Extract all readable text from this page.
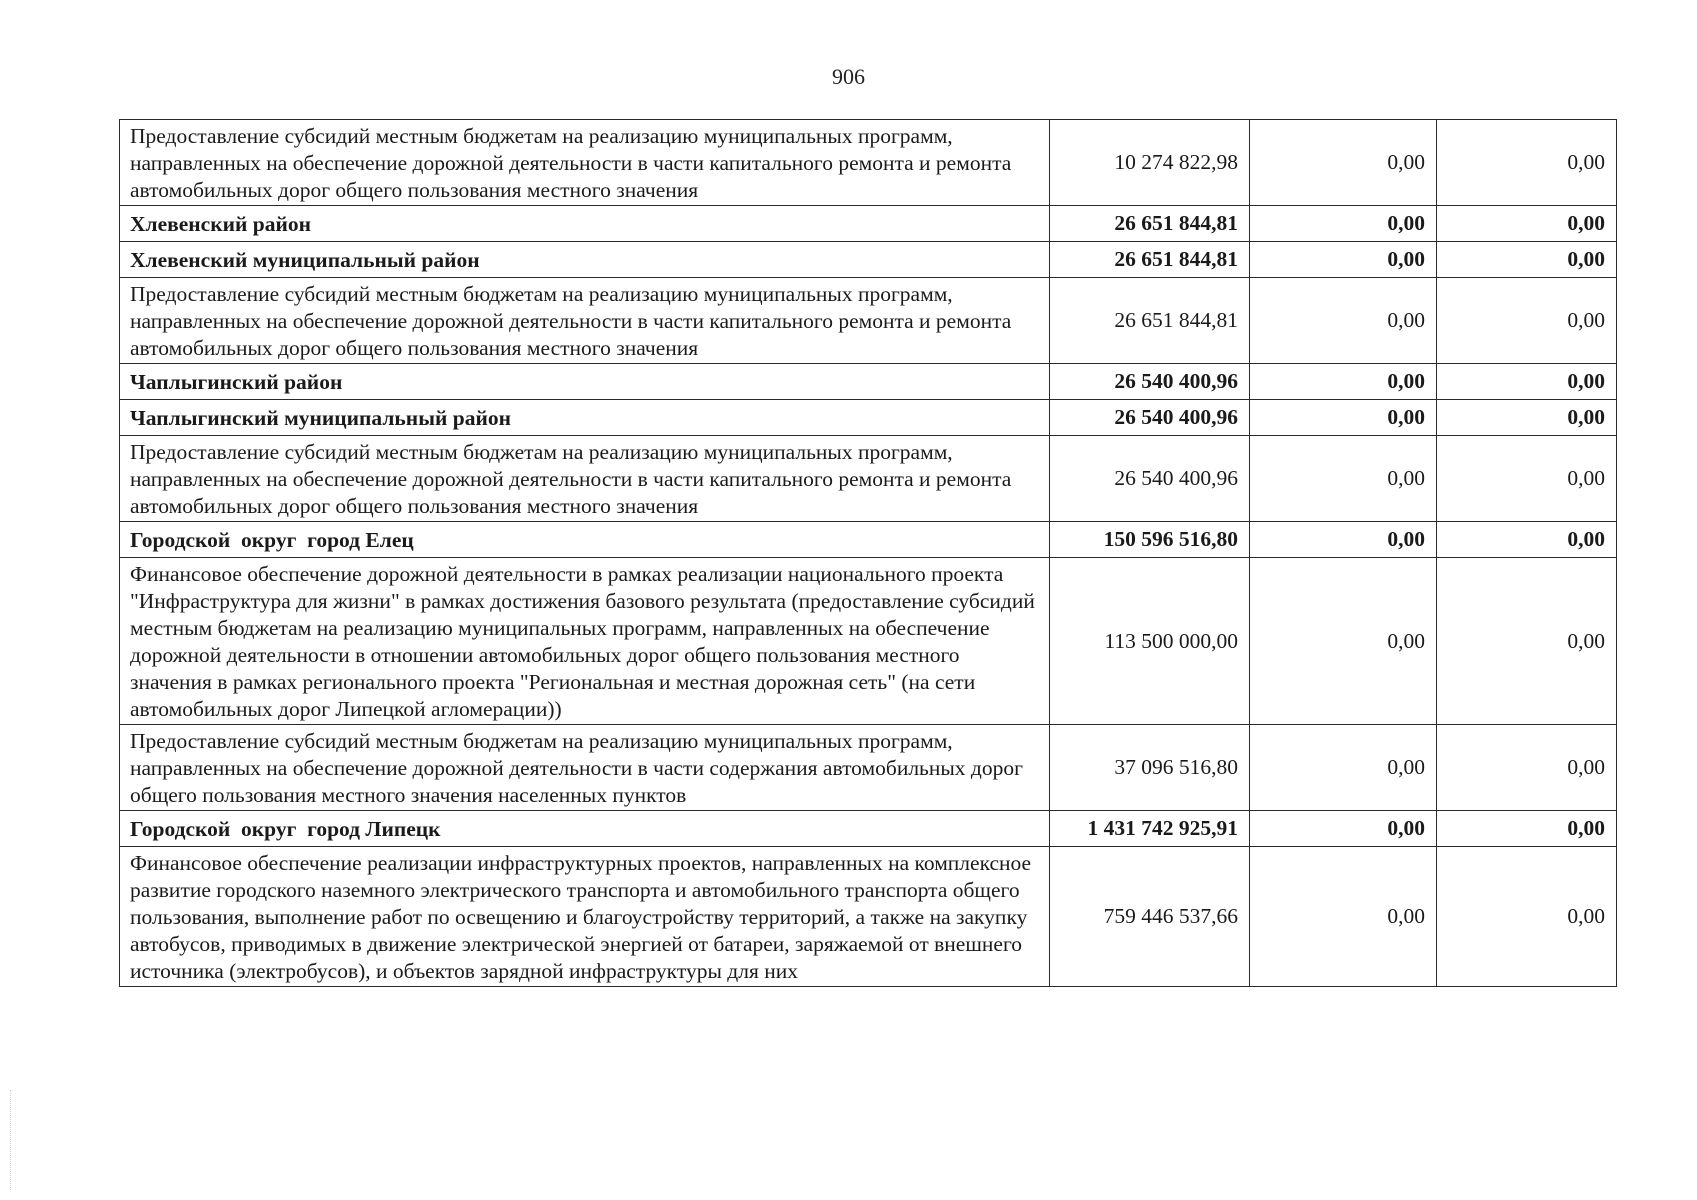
906
Предоставление субсидий местным бюджетам на реализацию муниципальных программ, направленных на обеспечение дорожной деятельности в части капитального ремонта и ремонта автомобильных дорог общего пользования местного значения	10 274 822,98	0,00	0,00
Хлевенский район	26 651 844,81	0,00	0,00
Хлевенский муниципальный район	26 651 844,81	0,00	0,00
Предоставление субсидий местным бюджетам на реализацию муниципальных программ, направленных на обеспечение дорожной деятельности в части капитального ремонта и ремонта автомобильных дорог общего пользования местного значения	26 651 844,81	0,00	0,00
Чаплыгинский район	26 540 400,96	0,00	0,00
Чаплыгинский муниципальный район	26 540 400,96	0,00	0,00
Предоставление субсидий местным бюджетам на реализацию муниципальных программ, направленных на обеспечение дорожной деятельности в части капитального ремонта и ремонта автомобильных дорог общего пользования местного значения	26 540 400,96	0,00	0,00
Городской  округ  город Елец	150 596 516,80	0,00	0,00
Финансовое обеспечение дорожной деятельности в рамках реализации национального проекта "Инфраструктура для жизни" в рамках достижения базового результата (предоставление субсидий местным бюджетам на реализацию муниципальных программ, направленных на обеспечение дорожной деятельности в отношении автомобильных дорог общего пользования местного значения в рамках регионального проекта "Региональная и местная дорожная сеть" (на сети автомобильных дорог Липецкой агломерации))	113 500 000,00	0,00	0,00
Предоставление субсидий местным бюджетам на реализацию муниципальных программ, направленных на обеспечение дорожной деятельности в части содержания автомобильных дорог общего пользования местного значения населенных пунктов	37 096 516,80	0,00	0,00
Городской  округ  город Липецк	1 431 742 925,91	0,00	0,00
Финансовое обеспечение реализации инфраструктурных проектов, направленных на комплексное развитие городского наземного электрического транспорта и автомобильного транспорта общего пользования, выполнение работ по освещению и благоустройству территорий, а также на закупку автобусов, приводимых в движение электрической энергией от батареи, заряжаемой от внешнего источника (электробусов), и объектов зарядной инфраструктуры для них	759 446 537,66	0,00	0,00
